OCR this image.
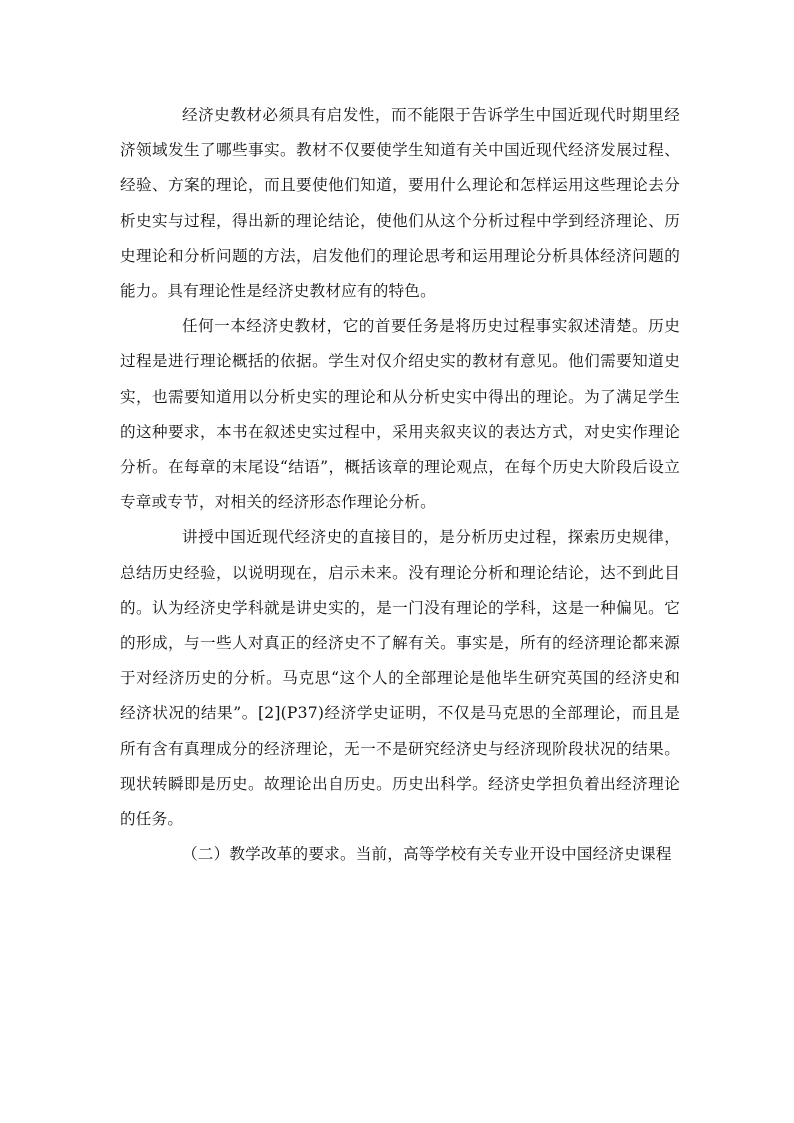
经济史教材必须具有启发性，而不能限于告诉学生中国近现代时期里经济领域发生了哪些事实。教材不仅要使学生知道有关中国近现代经济发展过程、经验、方案的理论，而且要使他们知道，要用什么理论和怎样运用这些理论去分析史实与过程，得出新的理论结论，使他们从这个分析过程中学到经济理论、历史理论和分析问题的方法，启发他们的理论思考和运用理论分析具体经济问题的能力。具有理论性是经济史教材应有的特色。

任何一本经济史教材，它的首要任务是将历史过程事实叙述清楚。历史过程是进行理论概括的依据。学生对仅介绍史实的教材有意见。他们需要知道史实，也需要知道用以分析史实的理论和从分析史实中得出的理论。为了满足学生的这种要求，本书在叙述史实过程中，采用夹叙夹议的表达方式，对史实作理论分析。在每章的末尾设“结语”，概括该章的理论观点，在每个历史大阶段后设立专章或专节，对相关的经济形态作理论分析。

讲授中国近现代经济史的直接目的，是分析历史过程，探索历史规律，总结历史经验，以说明现在，启示未来。没有理论分析和理论结论，达不到此目的。认为经济史学科就是讲史实的，是一门没有理论的学科，这是一种偏见。它的形成，与一些人对真正的经济史不了解有关。事实是，所有的经济理论都来源于对经济历史的分析。马克思“这个人的全部理论是他毕生研究英国的经济史和经济状况的结果”。[2](P37)经济学史证明，不仅是马克思的全部理论，而且是所有含有真理成分的经济理论，无一不是研究经济史与经济现阶段状况的结果。现状转瞬即是历史。故理论出自历史。历史出科学。经济史学担负着出经济理论的任务。

（二）教学改革的要求。当前，高等学校有关专业开设中国经济史课程
